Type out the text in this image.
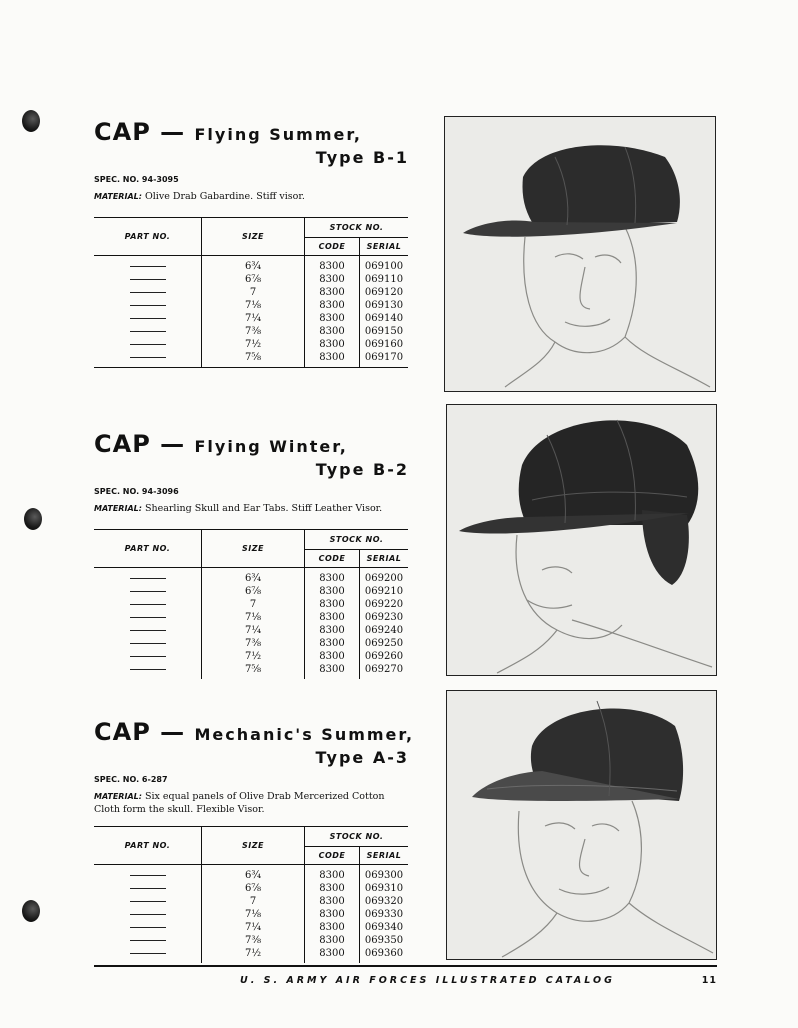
CAP — Flying Summer,
Type B-1
SPEC. NO. 94-3095
MATERIAL: Olive Drab Gabardine. Stiff visor.
PART NO.	SIZE	STOCK NO.	
		CODE	SERIAL
	6¾	8300	069100
	6⅞	8300	069110
	7	8300	069120
	7⅛	8300	069130
	7¼	8300	069140
	7⅜	8300	069150
	7½	8300	069160
	7⅝	8300	069170
CAP — Flying Winter,
Type B-2
SPEC. NO. 94-3096
MATERIAL: Shearling Skull and Ear Tabs. Stiff Leather Visor.
PART NO.	SIZE	STOCK NO.	
		CODE	SERIAL
	6¾	8300	069200
	6⅞	8300	069210
	7	8300	069220
	7⅛	8300	069230
	7¼	8300	069240
	7⅜	8300	069250
	7½	8300	069260
	7⅝	8300	069270
CAP — Mechanic's Summer,
Type A-3
SPEC. NO. 6-287
MATERIAL: Six equal panels of Olive Drab Mercerized Cotton Cloth form the skull. Flexible Visor.
PART NO.	SIZE	STOCK NO.	
		CODE	SERIAL
	6¾	8300	069300
	6⅞	8300	069310
	7	8300	069320
	7⅛	8300	069330
	7¼	8300	069340
	7⅜	8300	069350
	7½	8300	069360
U. S. ARMY AIR FORCES ILLUSTRATED CATALOG	11
